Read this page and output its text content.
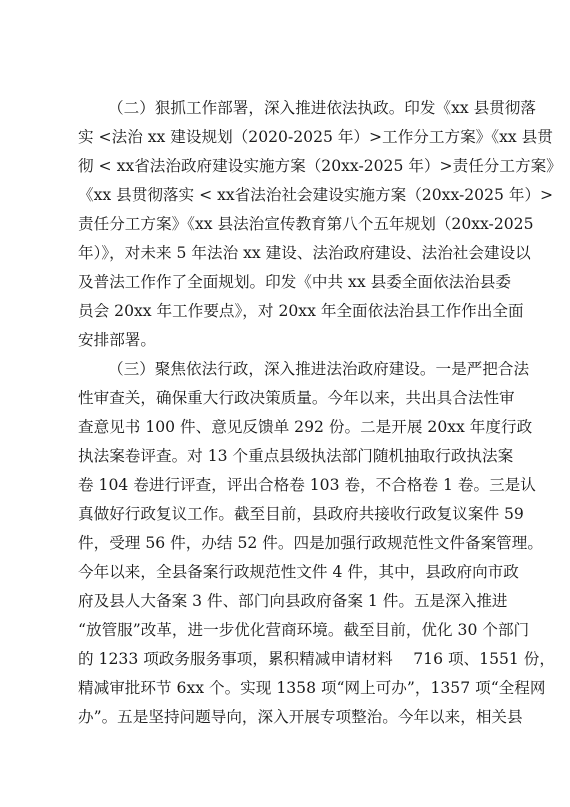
（二）狠抓工作部署，深入推进依法执政。印发《xx 县贯彻落
实 <法治 xx 建设规划（2020-2025 年）>工作分工方案》《xx 县贯
彻 < xx省法治政府建设实施方案（20xx-2025 年）>责任分工方案》
《xx 县贯彻落实 < xx省法治社会建设实施方案（20xx-2025 年）>
责任分工方案》《xx 县法治宣传教育第八个五年规划（20xx-2025
年）》，对未来 5 年法治 xx 建设、法治政府建设、法治社会建设以
及普法工作作了全面规划。印发《中共 xx 县委全面依法治县委
员会 20xx 年工作要点》，对 20xx 年全面依法治县工作作出全面
安排部署。
（三）聚焦依法行政，深入推进法治政府建设。一是严把合法
性审查关，确保重大行政决策质量。今年以来，共出具合法性审
查意见书 100 件、意见反馈单 292 份。二是开展 20xx 年度行政
执法案卷评查。对 13 个重点县级执法部门随机抽取行政执法案
卷 104 卷进行评查，评出合格卷 103 卷，不合格卷 1 卷。三是认
真做好行政复议工作。截至目前，县政府共接收行政复议案件 59
件，受理 56 件，办结 52 件。四是加强行政规范性文件备案管理。
今年以来，全县备案行政规范性文件 4 件，其中，县政府向市政
府及县人大备案 3 件、部门向县政府备案 1 件。五是深入推进
“放管服”改革，进一步优化营商环境。截至目前，优化 30 个部门
的 1233 项政务服务事项，累积精减申请材料　 716 项、1551 份，
精减审批环节 6xx 个。实现 1358 项“网上可办”，1357 项“全程网
办”。五是坚持问题导向，深入开展专项整治。今年以来，相关县
